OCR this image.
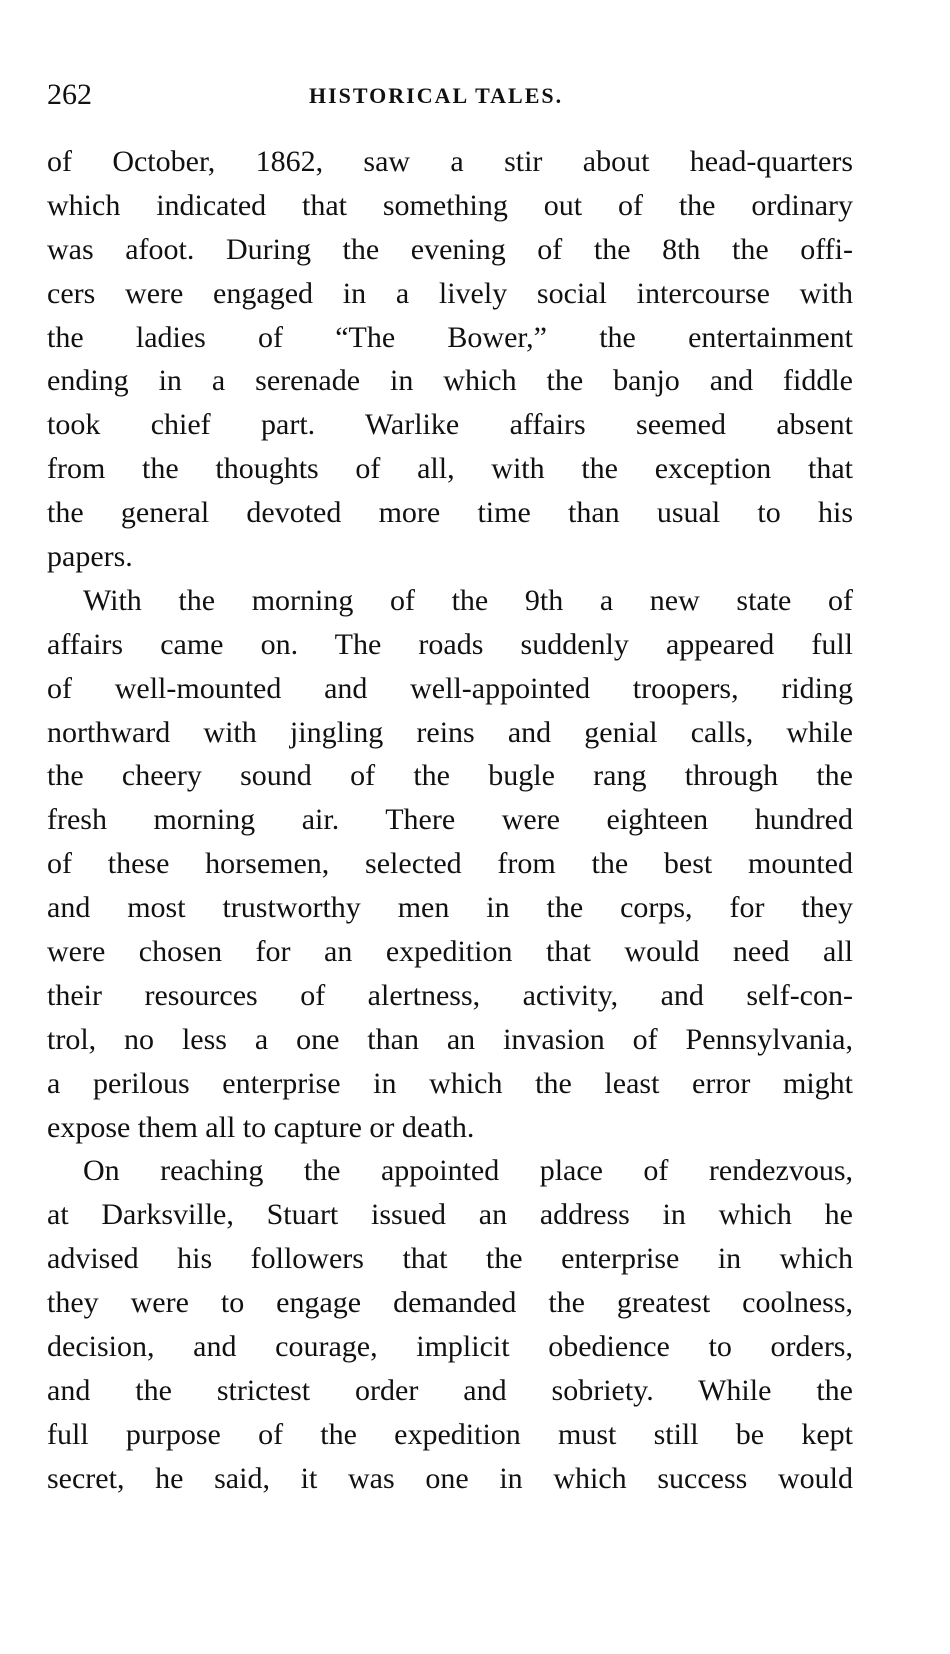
262	HISTORICAL TALES.
of October, 1862, saw a stir about head-quarters
which indicated that something out of the ordinary
was afoot. During the evening of the 8th the offi-
cers were engaged in a lively social intercourse with
the ladies of “The Bower,” the entertainment
ending in a serenade in which the banjo and fiddle
took chief part. Warlike affairs seemed absent
from the thoughts of all, with the exception that
the general devoted more time than usual to his
papers.
With the morning of the 9th a new state of
affairs came on. The roads suddenly appeared full
of well-mounted and well-appointed troopers, riding
northward with jingling reins and genial calls, while
the cheery sound of the bugle rang through the
fresh morning air. There were eighteen hundred
of these horsemen, selected from the best mounted
and most trustworthy men in the corps, for they
were chosen for an expedition that would need all
their resources of alertness, activity, and self-con-
trol, no less a one than an invasion of Pennsylvania,
a perilous enterprise in which the least error might
expose them all to capture or death.
On reaching the appointed place of rendezvous,
at Darksville, Stuart issued an address in which he
advised his followers that the enterprise in which
they were to engage demanded the greatest coolness,
decision, and courage, implicit obedience to orders,
and the strictest order and sobriety. While the
full purpose of the expedition must still be kept
secret, he said, it was one in which success would
